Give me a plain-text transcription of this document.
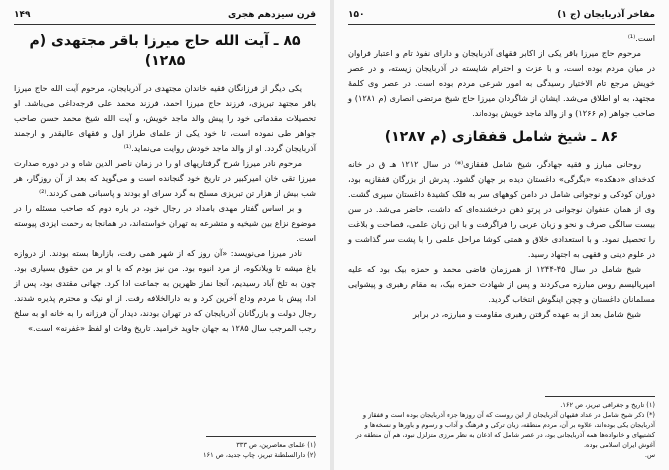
قرن سیزدهم هجری
۱۴۹
۸۵ ـ آیت الله حاج میرزا باقر مجتهدی (م ۱۲۸۵)

یکی دیگر از فرزانگان فقیه خاندان مجتهدی در آذربایجان، مرحوم آیت الله حاج میرزا باقر مجتهد تبریزی، فرزند حاج میرزا احمد، فرزند محمد علی قرجه‌داغی می‌باشد. او تحصیلات مقدماتی خود را پیش والد ماجد خویش، و آیت الله شیخ محمد حسن صاحب جواهر طی نموده است، تا خود یکی از علمای طراز اول و فقهای عالیقدر و ارجمند آذربایجان گردد. او از والد ماجد خودش روایت می‌نماید.⁽¹⁾

مرحوم نادر میرزا شرح گرفتاریهای او را در زمان ناصر الدین شاه و در دوره صدارت میرزا تقی خان امیرکبیر در تاریخ خود گنجانده است و می‌گوید که بعد از آن روزگار، هر شب بیش از هزار تن تبریزی مسلح به گرد سرای او بودند و پاسبانی همی کردند.⁽²⁾

و بر اساس گفتار مهدی بامداد در رجال خود، در باره دوم که صاحب مسئله را در موضوع نزاع بین شیخیه و متشرعه به تهران خواسته‌اند، در همانجا به رحمت ایزدی پیوسته است.

نادر میرزا می‌نویسد: «آن روز که از شهر همی رفت، بازارها بسته بودند. از دروازه باغ میشه تا ویلانکوه، از مرد انبوه بود. من نیز بودم که با او بر من حقوق بسیاری بود. چون به تلخ آباد رسیدیم، آنجا نماز ظهرین به جماعت ادا کرد. جهانی مقتدی بود، پس از ادا، پیش با مردم وداع آخرین کرد و به دارالخلافه رفت. از او نیک و محترم پذیره شدند. رجال دولت و بازرگانان آذربایجان که در تهران بودند، دیدار آن فرزانه را به خانه او به سلخ رجب المرجب سال ۱۲۸۵ به جهان جاوید خرامید. تاریخ وفات او لفظ «غفرنه» است.»

(۱) علمای معاصرین، ص ۳۳۳

(۲) دارالسلطنة تبریز، چاپ جدید، ص ۱۶۱

مفاخر آذربایجان (ج ۱)
۱۵۰

است.⁽¹⁾

مرحوم حاج میرزا باقر یکی از اکابر فقهای آذربایجان و دارای نفوذ تام و اعتبار فراوان در میان مردم بوده است، و با عزت و احترام شایسته در آذربایجان زیسته، و در عصر خویش مرجع تام الاختیار رسیدگی به امور شرعی مردم بوده است. در عصر وی کلمهٔ مجتهد، به او اطلاق می‌شد. ایشان از شاگردان میرزا حاج شیخ مرتضی انصاری (م ۱۲۸۱) و صاحب جواهر (م ۱۲۶۶) و از والد ماجد خویش بوده‌اند.

۸۶ ـ شیخ شامل قفقازی (م ۱۲۸۷)

روحانی مبارز و فقیه جهادگر، شیخ شامل قفقازی⁽*⁾ در سال ۱۲۱۲ هـ ق در خانه کدخدای «دهکده» «بگرگی» داغستان دیده بر جهان گشود. پدرش از بزرگان قفقازیه بود، دوران کودکی و نوجوانی شامل در دامن کوههای سر به فلک کشیدهٔ داغستان سپری گشت. وی از همان عنفوان نوجوانی در پرتو ذهن درخشنده‌ای که داشت، حاضر می‌شد. در سن بیست سالگی صرف و نحو و زبان عربی را فراگرفت و با این زبان علمی، فصاحت و بلاغت را تحصیل نمود. و با استعدادی خلاق و همتی کوشا مراحل علمی را با پشت سر گذاشت و در علوم دینی و فقهی به اجتهاد رسید.

شیخ شامل در سال ۴۵-۱۲۴۴ از همرزمان قاضی محمد و حمزه بیک بود که علیه امپریالیسم روس مبارزه می‌کردند و پس از شهادت حمزه بیک، به مقام رهبری و پیشوایی مسلمانان داغستان و چچن اینگوش انتخاب گردید.

شیخ شامل بعد از به عهده گرفتن رهبری مقاومت و مبارزه، در برابر

(۱) تاریخ و جغرافی تبریز، ص ۱۶۲.

(*) ذکر شیخ شامل در عداد فقیهان آذربایجان از این روست که آن روزها جزء آذربایجان بوده است و قفقاز و آذربایجان یکی بوده‌اند، علاوه بر آن، مردم منطقه، زبان ترکی و فرهنگ و آداب و رسوم و باورها و نسخه‌ها و کشتیهای و خانواده‌ها همه آذربایجانی بود، در عصر شامل که اذعان به نظر مرزی متزلزل نبود، هم آن منطقه در آغوش ایران اسلامی بوده.

س.
